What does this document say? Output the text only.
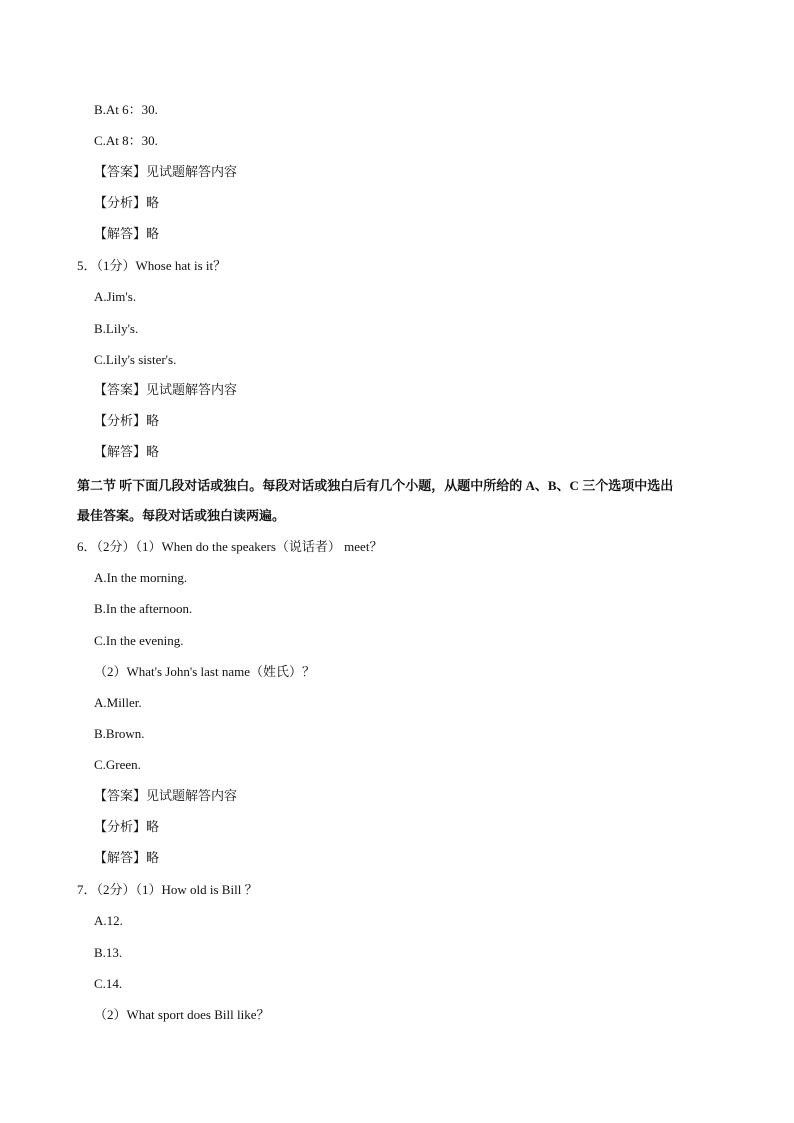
B.At 6：30.
C.At 8：30.
【答案】见试题解答内容
【分析】略
【解答】略
5．（1分）Whose hat is it？
A.Jim's.
B.Lily's.
C.Lily's sister's.
【答案】见试题解答内容
【分析】略
【解答】略
第二节 听下面几段对话或独白。每段对话或独白后有几个小题，从题中所给的 A、B、C 三个选项中选出
最佳答案。每段对话或独白读两遍。
6．（2分）（1）When do the speakers（说话者） meet？
A.In the morning.
B.In the afternoon.
C.In the evening.
（2）What's John's last name（姓氏）？
A.Miller.
B.Brown.
C.Green.
【答案】见试题解答内容
【分析】略
【解答】略
7．（2分）（1）How old is Bill ？
A.12.
B.13.
C.14.
（2）What sport does Bill like？
